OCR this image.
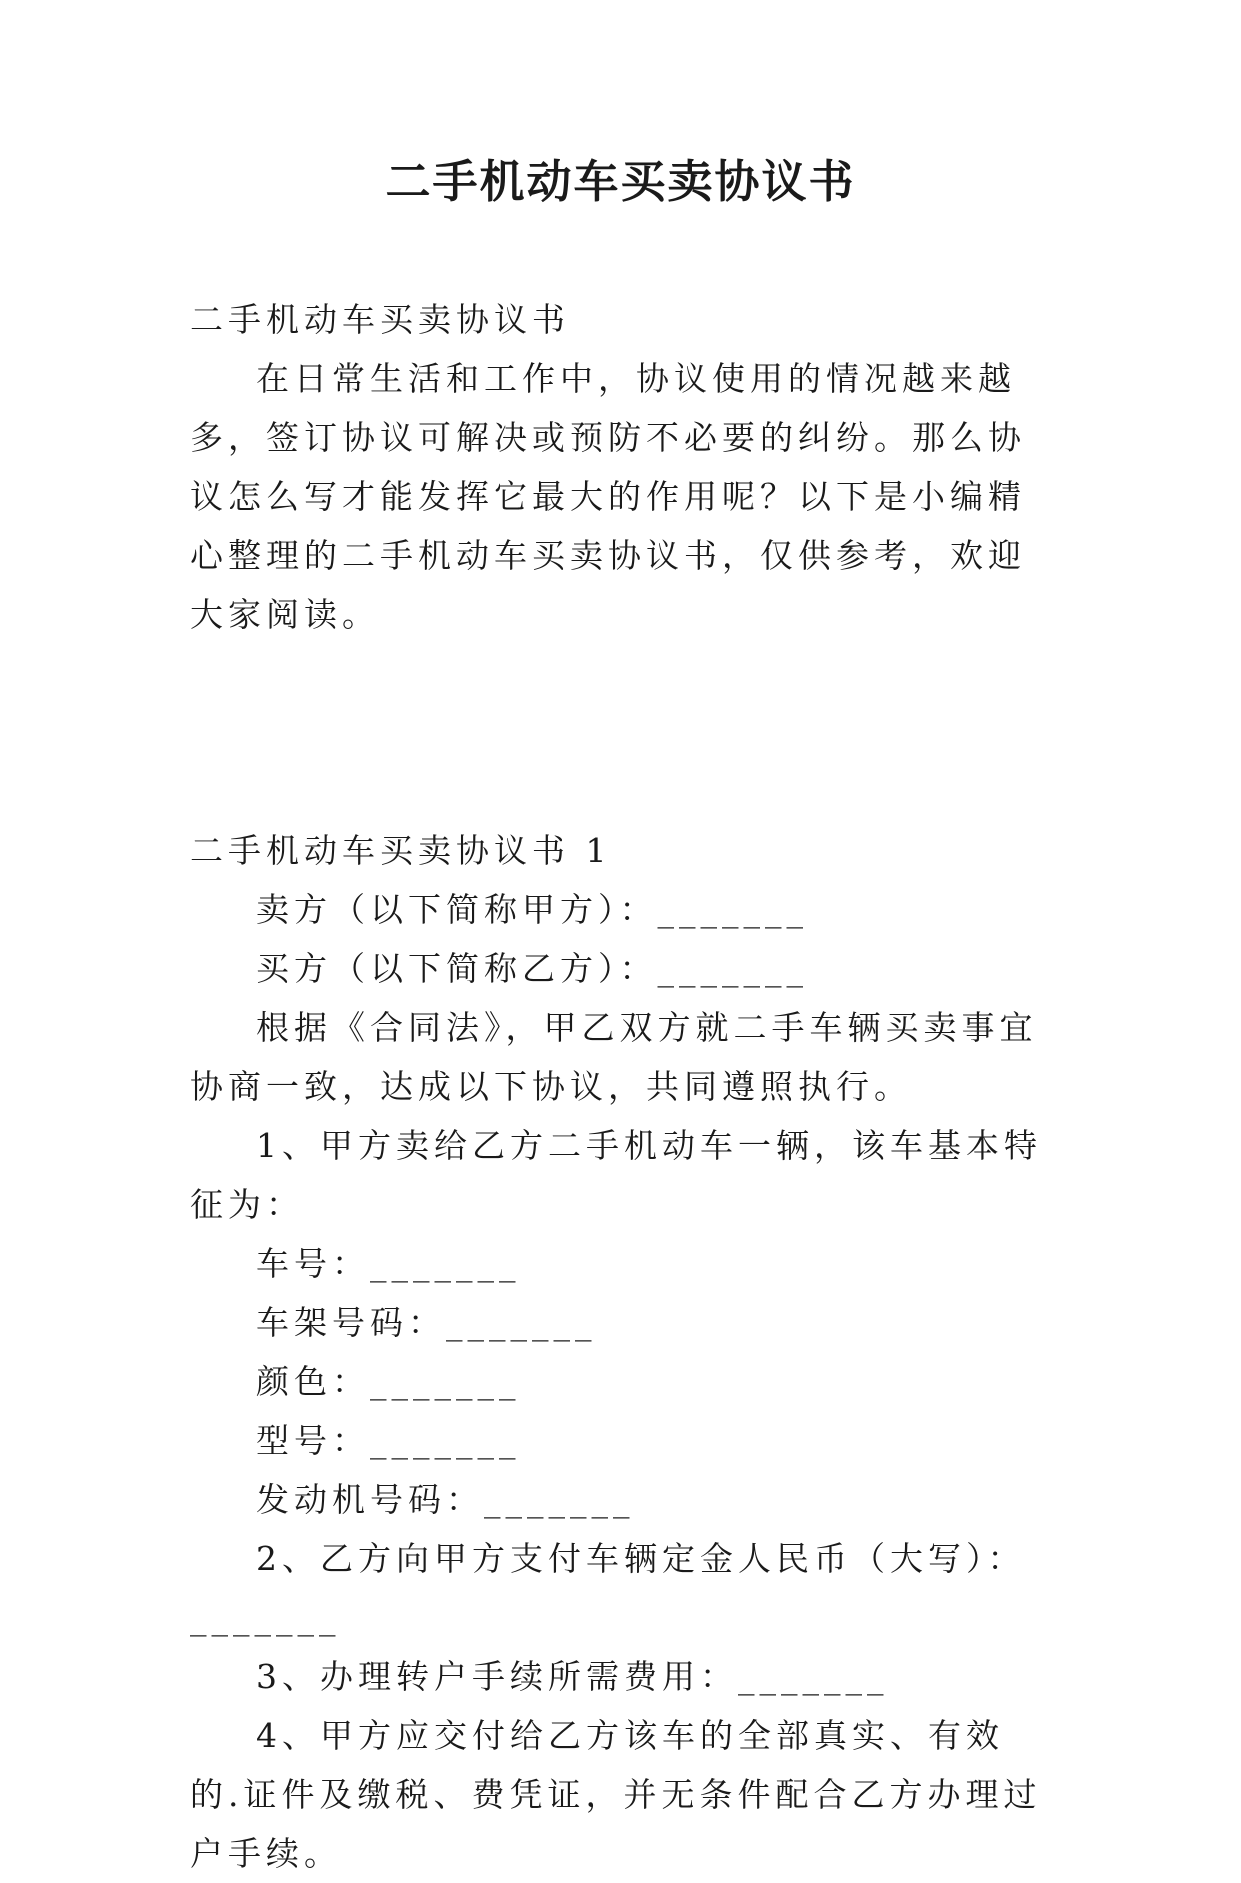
二手机动车买卖协议书

二手机动车买卖协议书

在日常生活和工作中，协议使用的情况越来越多，签订协议可解决或预防不必要的纠纷。那么协议怎么写才能发挥它最大的作用呢？以下是小编精心整理的二手机动车买卖协议书，仅供参考，欢迎大家阅读。

二手机动车买卖协议书 1

卖方（以下简称甲方）：_______

买方（以下简称乙方）：_______

根据《合同法》，甲乙双方就二手车辆买卖事宜协商一致，达成以下协议，共同遵照执行。

1、甲方卖给乙方二手机动车一辆，该车基本特征为：

车号：_______

车架号码：_______

颜色：_______

型号：_______

发动机号码：_______

2、乙方向甲方支付车辆定金人民币（大写）：_______

3、办理转户手续所需费用：_______

4、甲方应交付给乙方该车的全部真实、有效的.证件及缴税、费凭证，并无条件配合乙方办理过户手续。
